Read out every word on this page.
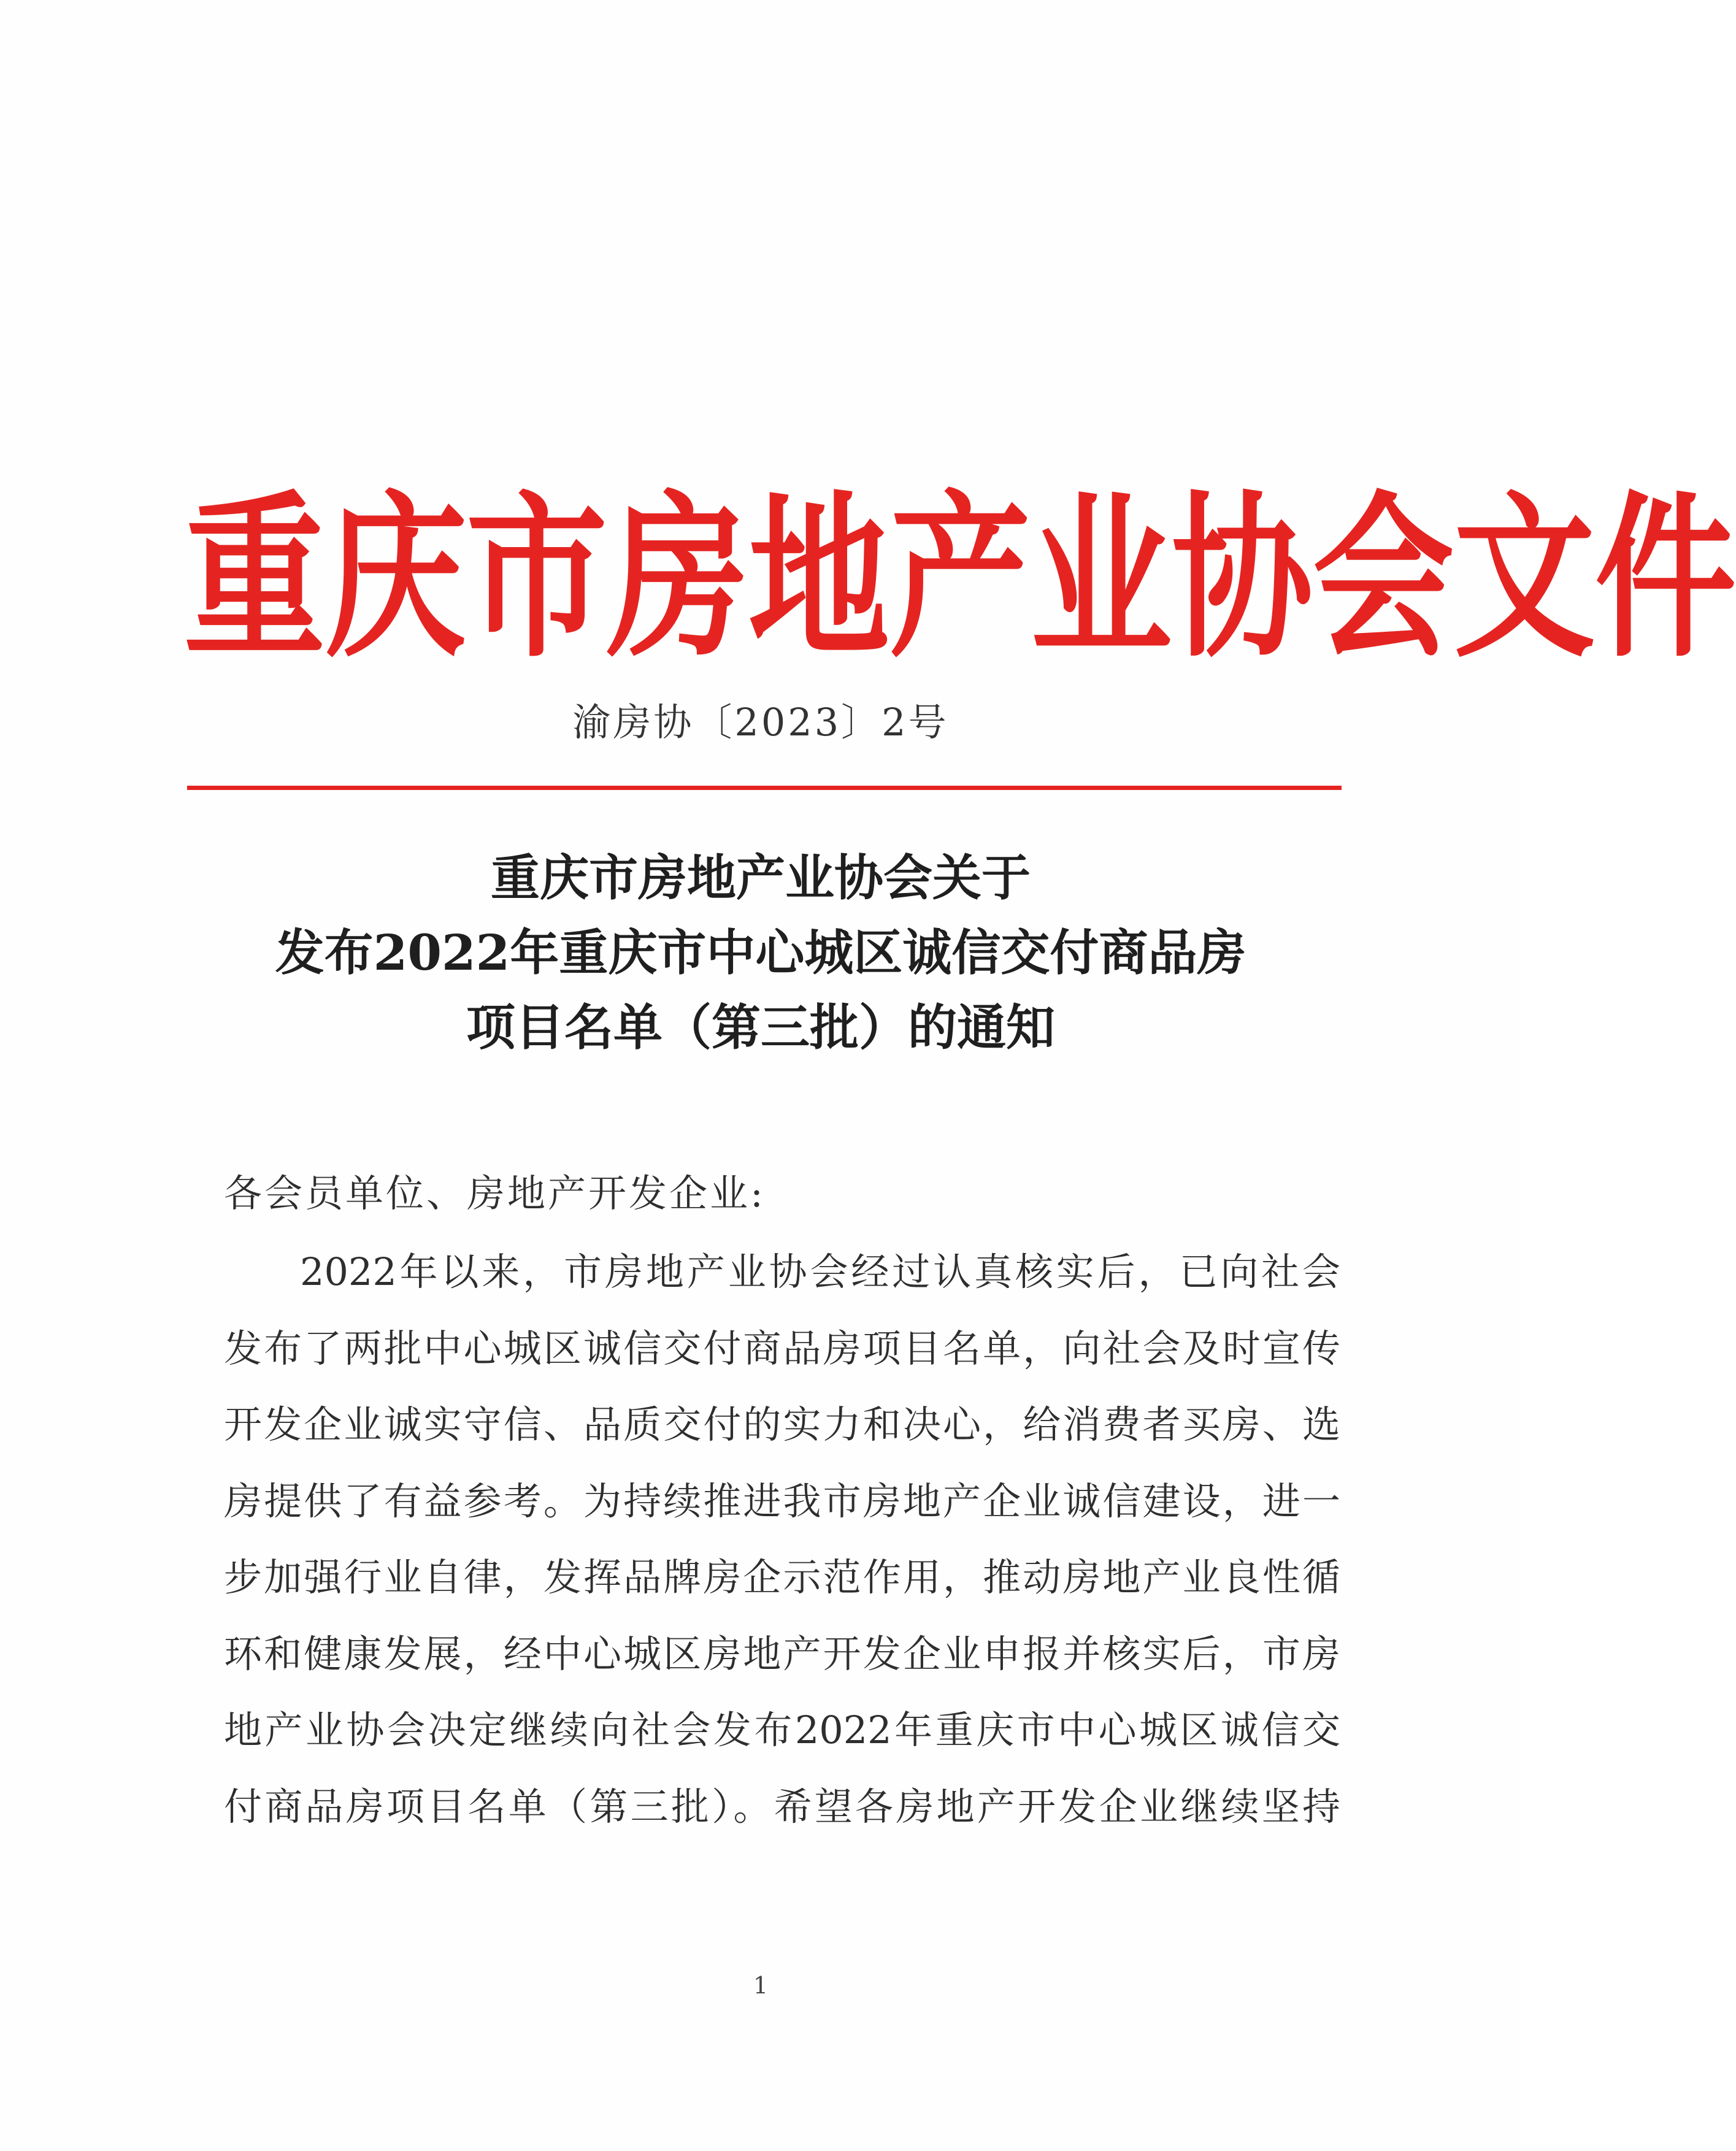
重 庆 市 房 地 产 业 协 会 文 件
渝房协〔2023〕2号
重庆市房地产业协会关于
发布2022年重庆市中心城区诚信交付商品房
项目名单（第三批）的通知
各会员单位、房地产开发企业:
2022年以来，市房地产业协会经过认真核实后，已向社会
发布了两批中心城区诚信交付商品房项目名单，向社会及时宣传
开发企业诚实守信、品质交付的实力和决心，给消费者买房、选
房提供了有益参考。为持续推进我市房地产企业诚信建设，进一
步加强行业自律，发挥品牌房企示范作用，推动房地产业良性循
环和健康发展，经中心城区房地产开发企业申报并核实后，市房
地产业协会决定继续向社会发布2022年重庆市中心城区诚信交
付商品房项目名单（第三批）。希望各房地产开发企业继续坚持
1
